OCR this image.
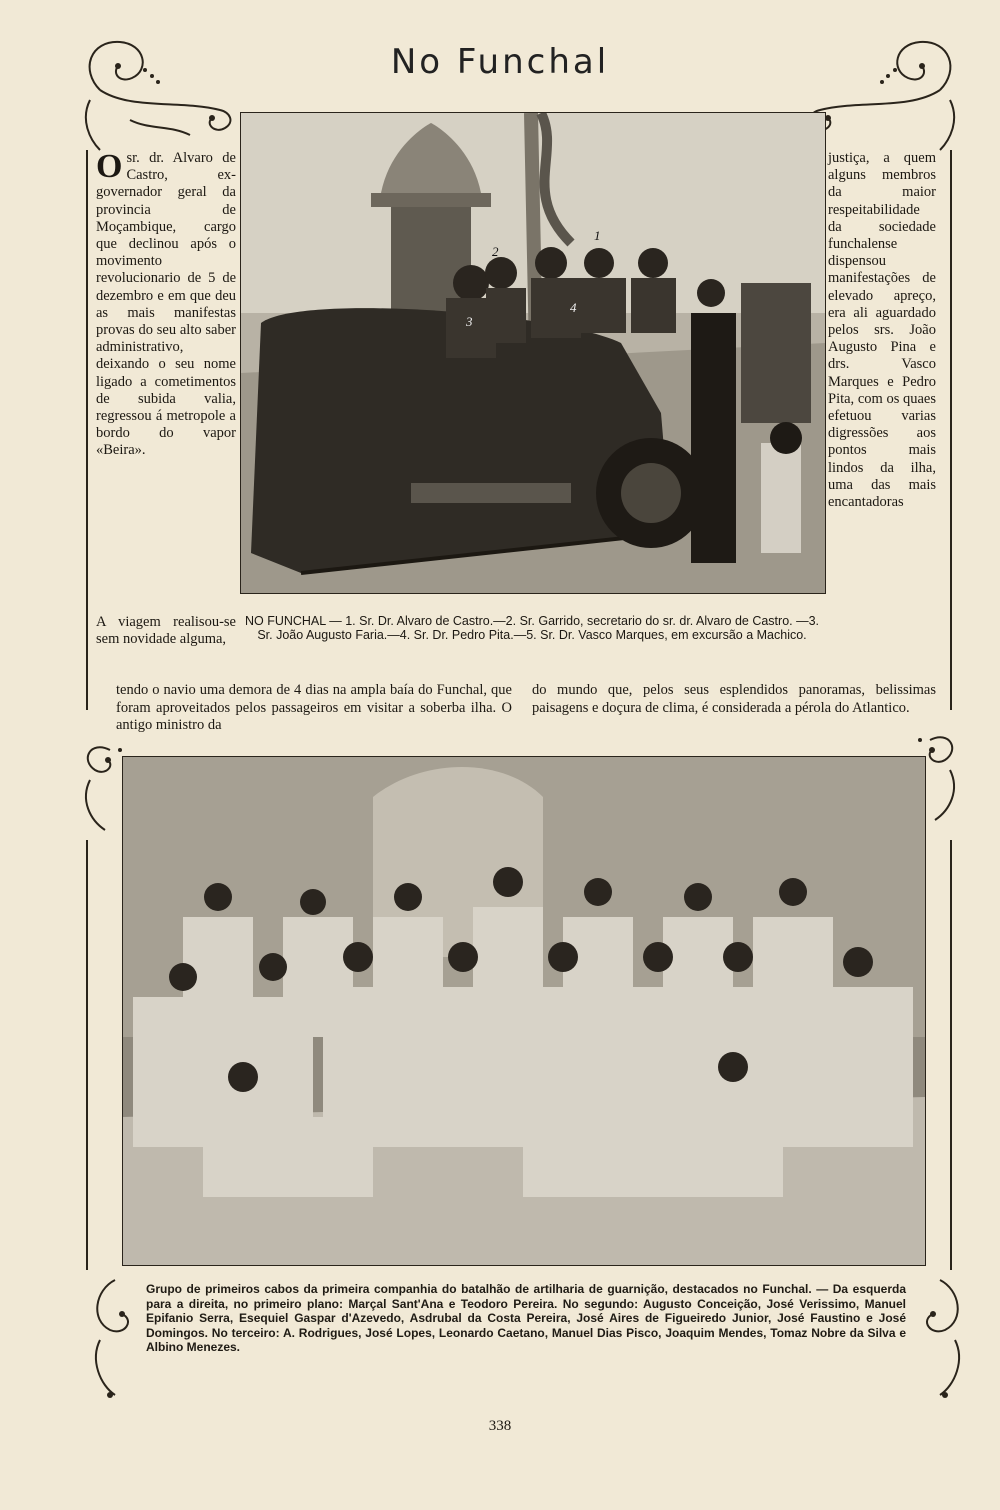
No Funchal
Osr. dr. Alvaro de Castro, ex-governador geral da provincia de Moçambique, cargo que declinou após o movimento revolucionario de 5 de dezembro e em que deu as mais manifestas provas do seu alto saber administrativo, deixando o seu nome ligado a cometimentos de subida valia, regressou á metropole a bordo do vapor «Beira».
A viagem realisou-se sem novidade alguma,
1
2
3
4
NO FUNCHAL — 1. Sr. Dr. Alvaro de Castro.—2. Sr. Garrido, secretario do sr. dr. Alvaro de Castro. —3. Sr. João Augusto Faria.—4. Sr. Dr. Pedro Pita.—5. Sr. Dr. Vasco Marques, em excursão a Machico.
justiça, a quem alguns membros da maior respeitabilidade da sociedade funchalense dispensou manifestações de elevado apreço, era ali aguardado pelos srs. João Augusto Pina e drs. Vasco Marques e Pedro Pita, com os quaes efetuou varias digressões aos pontos mais lindos da ilha, uma das mais encantadoras
tendo o navio uma demora de 4 dias na ampla baía do Funchal, que foram aproveitados pelos passageiros em visitar a soberba ilha. O antigo ministro da
do mundo que, pelos seus esplendidos panoramas, belissimas paisagens e doçura de clima, é considerada a pérola do Atlantico.
Grupo de primeiros cabos da primeira companhia do batalhão de artilharia de guarnição, destacados no Funchal. — Da esquerda para a direita, no primeiro plano: Marçal Sant'Ana e Teodoro Pereira. No segundo: Augusto Conceição, José Verissimo, Manuel Epifanio Serra, Esequiel Gaspar d'Azevedo, Asdrubal da Costa Pereira, José Aires de Figueiredo Junior, José Faustino e José Domingos. No terceiro: A. Rodrigues, José Lopes, Leonardo Caetano, Manuel Dias Pisco, Joaquim Mendes, Tomaz Nobre da Silva e Albino Menezes.
338
